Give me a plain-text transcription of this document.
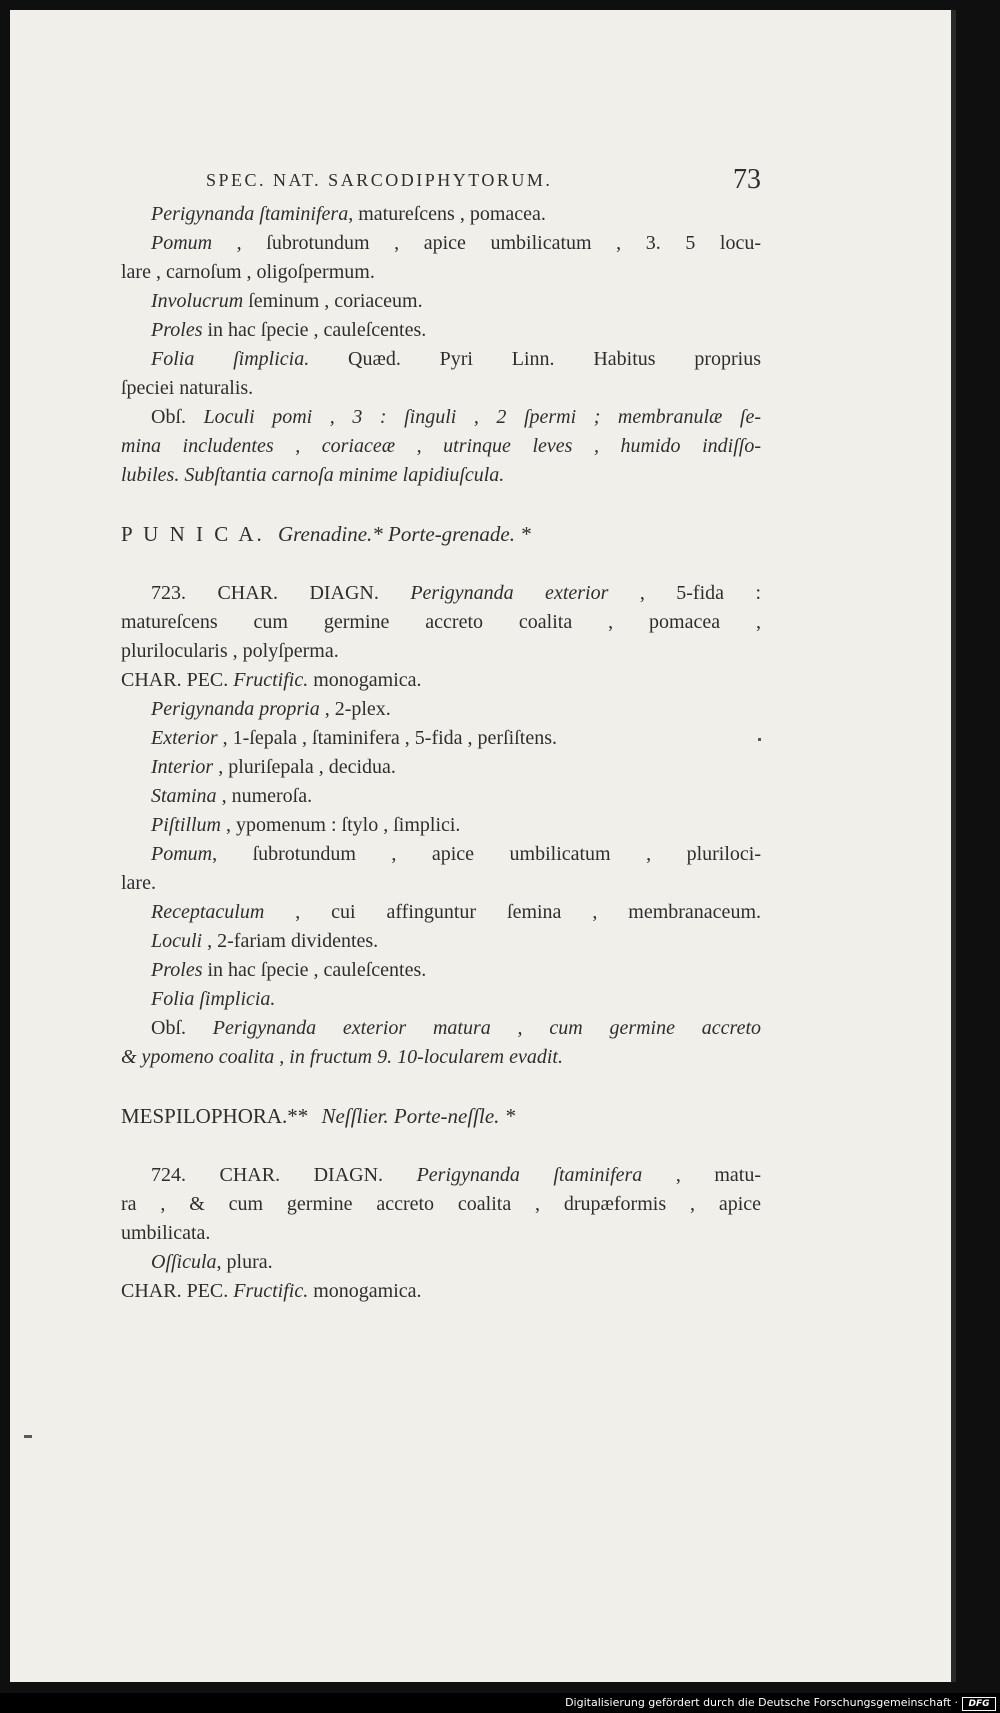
SPEC. NAT. SARCODIPHYTORUM.	73
Perigynanda ſtaminifera, matureſcens , pomacea.
Pomum , ſubrotundum , apice umbilicatum , 3. 5 locu-
lare , carnoſum , oligoſpermum.
Involucrum ſeminum , coriaceum.
Proles in hac ſpecie , cauleſcentes.
Folia ſimplicia. Quæd. Pyri Linn. Habitus proprius
ſpeciei naturalis.
Obſ. Loculi pomi , 3 : ſinguli , 2 ſpermi ; membranulæ ſe-
mina includentes , coriaceæ , utrinque leves , humido indiſſo-
lubiles. Subſtantia carnoſa minime lapidiuſcula.
P U N I C A. Grenadine.* Porte-grenade. *
723. CHAR. DIAGN. Perigynanda exterior , 5-fida :
matureſcens cum germine accreto coalita , pomacea ,
plurilocularis , polyſperma.
CHAR. PEC. Fructific. monogamica.
Perigynanda propria , 2-plex.
Exterior , 1-ſepala , ſtaminifera , 5-fida , perſiſtens.
Interior , pluriſepala , decidua.
Stamina , numeroſa.
Piſtillum , ypomenum : ſtylo , ſimplici.
Pomum, ſubrotundum , apice umbilicatum , pluriloci-
lare.
Receptaculum , cui affinguntur ſemina , membranaceum.
Loculi , 2-fariam dividentes.
Proles in hac ſpecie , cauleſcentes.
Folia ſimplicia.
Obſ. Perigynanda exterior matura , cum germine accreto
& ypomeno coalita , in fructum 9. 10-locularem evadit.
MESPILOPHORA.** Neſſlier. Porte-neſſle. *
724. CHAR. DIAGN. Perigynanda ſtaminifera , matu-
ra , & cum germine accreto coalita , drupæformis , apice
umbilicata.
Oſſicula, plura.
CHAR. PEC. Fructific. monogamica.
Digitalisierung gefördert durch die Deutsche Forschungsgemeinschaft ·	DFG
